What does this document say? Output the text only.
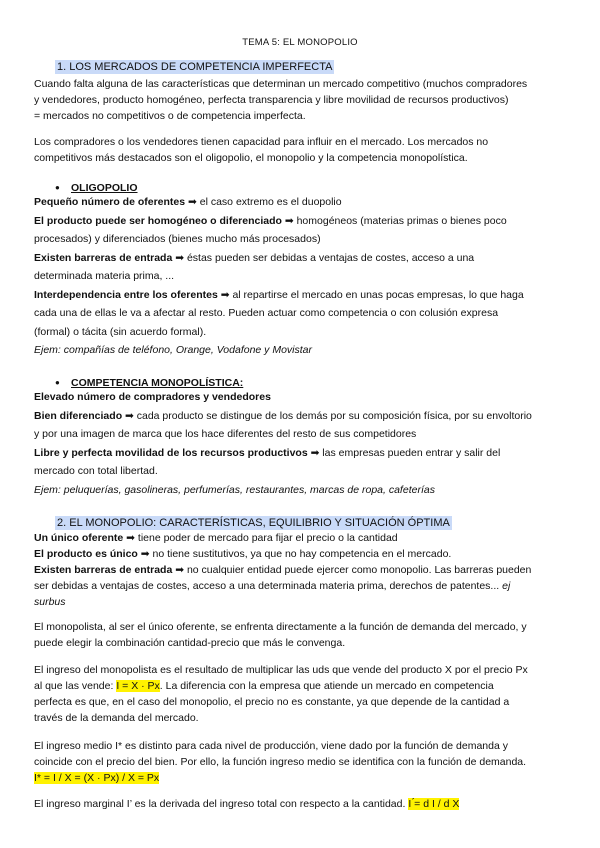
TEMA 5: EL MONOPOLIO
1. LOS MERCADOS DE COMPETENCIA IMPERFECTA

Cuando falta alguna de las características que determinan un mercado competitivo (muchos compradores

y vendedores, producto homogéneo, perfecta transparencia y libre movilidad de recursos productivos)

= mercados no competitivos o de competencia imperfecta.

Los compradores o los vendedores tienen capacidad para influir en el mercado. Los mercados no

competitivos más destacados son el oligopolio, el monopolio y la competencia monopolística.

● OLIGOPOLIO

Pequeño número de oferentes ➡ el caso extremo es el duopolio

El producto puede ser homogéneo o diferenciado ➡ homogéneos (materias primas o bienes poco

procesados) y diferenciados (bienes mucho más procesados)

Existen barreras de entrada ➡ éstas pueden ser debidas a ventajas de costes, acceso a una

determinada materia prima, ...

Interdependencia entre los oferentes ➡ al repartirse el mercado en unas pocas empresas, lo que haga

cada una de ellas le va a afectar al resto. Pueden actuar como competencia o con colusión expresa

(formal) o tácita (sin acuerdo formal).

Ejem: compañías de teléfono, Orange, Vodafone y Movistar

● COMPETENCIA MONOPOLÍSTICA:

Elevado número de compradores y vendedores

Bien diferenciado ➡ cada producto se distingue de los demás por su composición física, por su envoltorio

y por una imagen de marca que los hace diferentes del resto de sus competidores

Libre y perfecta movilidad de los recursos productivos ➡ las empresas pueden entrar y salir del

mercado con total libertad.

Ejem: peluquerías, gasolineras, perfumerías, restaurantes, marcas de ropa, cafeterías

2. EL MONOPOLIO: CARACTERÍSTICAS, EQUILIBRIO Y SITUACIÓN ÓPTIMA

Un único oferente ➡ tiene poder de mercado para fijar el precio o la cantidad

El producto es único ➡ no tiene sustitutivos, ya que no hay competencia en el mercado.

Existen barreras de entrada ➡ no cualquier entidad puede ejercer como monopolio. Las barreras pueden

ser debidas a ventajas de costes, acceso a una determinada materia prima, derechos de patentes... ej

surbus

El monopolista, al ser el único oferente, se enfrenta directamente a la función de demanda del mercado, y

puede elegir la combinación cantidad-precio que más le convenga.

El ingreso del monopolista es el resultado de multiplicar las uds que vende del producto X por el precio Px

al que las vende: I = X · Px. La diferencia con la empresa que atiende un mercado en competencia

perfecta es que, en el caso del monopolio, el precio no es constante, ya que depende de la cantidad a

través de la demanda del mercado.

El ingreso medio I* es distinto para cada nivel de producción, viene dado por la función de demanda y

coincide con el precio del bien. Por ello, la función ingreso medio se identifica con la función de demanda.

I* = I / X = (X · Px) / X = Px

El ingreso marginal I’ es la derivada del ingreso total con respecto a la cantidad. I ́= d I / d X
